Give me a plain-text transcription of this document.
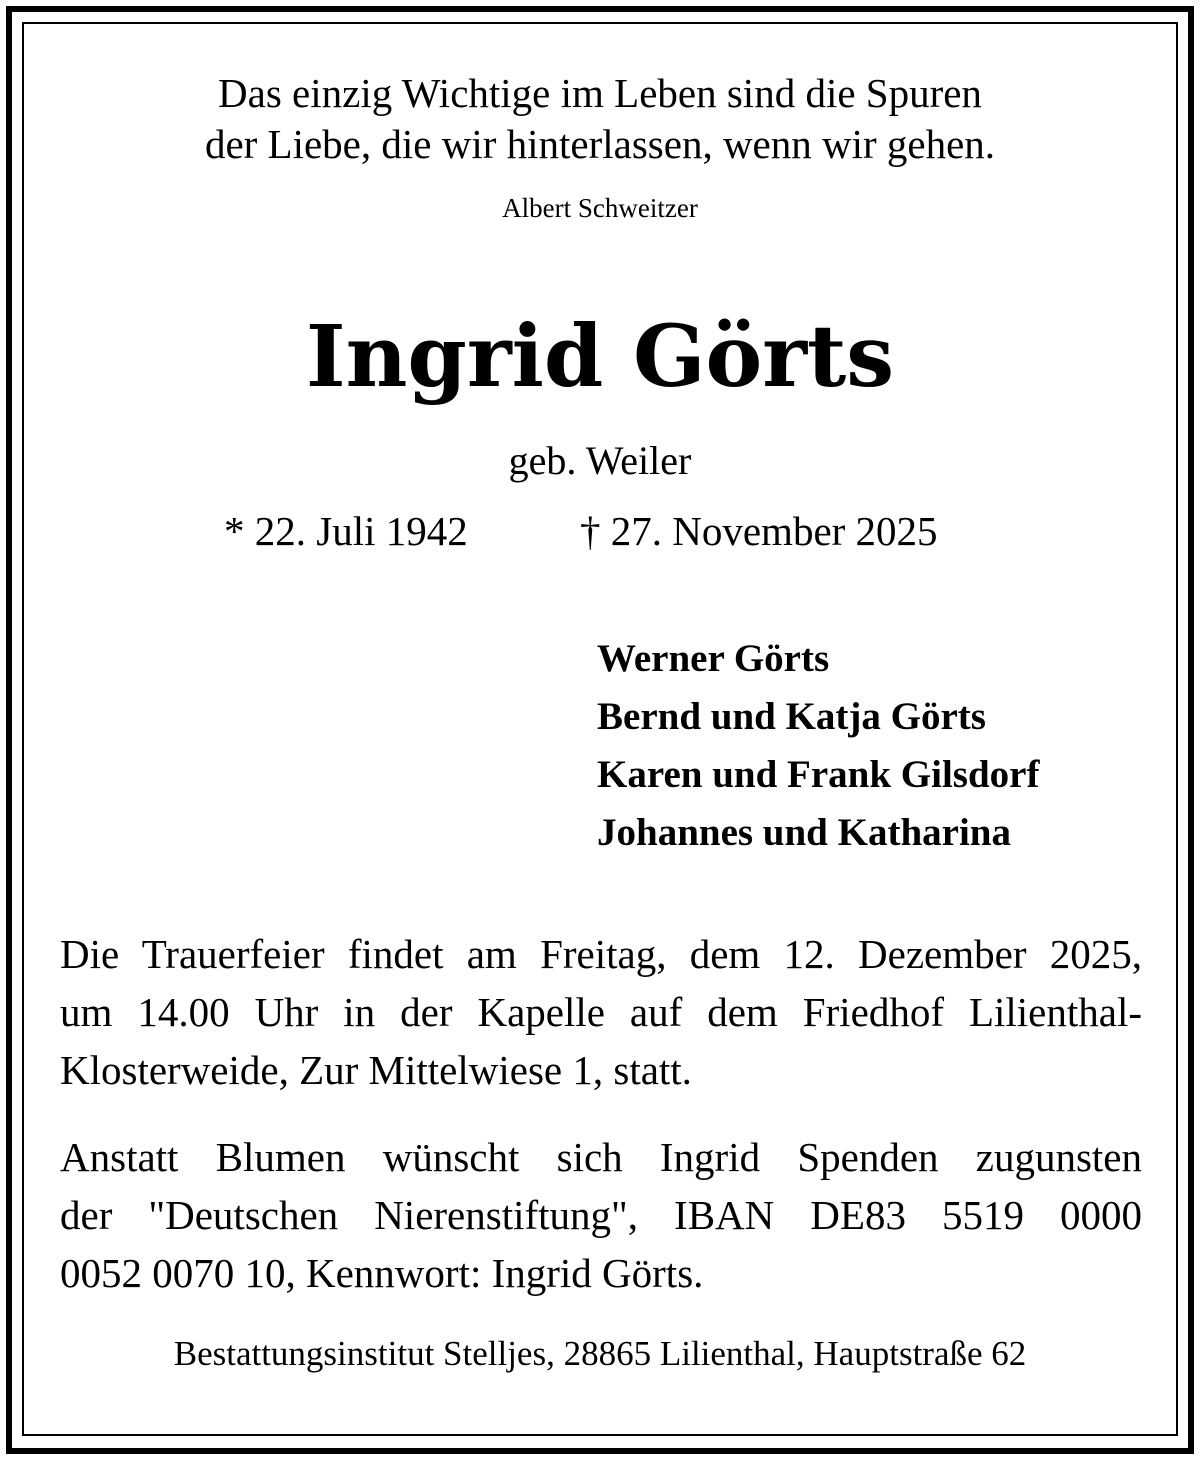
Das einzig Wichtige im Leben sind die Spuren
der Liebe, die wir hinterlassen, wenn wir gehen.
Albert Schweitzer
Ingrid Görts
geb. Weiler
* 22. Juli 1942	† 27. November 2025
Werner Görts
Bernd und Katja Görts
Karen und Frank Gilsdorf
Johannes und Katharina
Die Trauerfeier findet am Freitag, dem 12. Dezember 2025,
um 14.00 Uhr in der Kapelle auf dem Friedhof Lilienthal-
Klosterweide, Zur Mittelwiese 1, statt.
Anstatt Blumen wünscht sich Ingrid Spenden zugunsten
der "Deutschen Nierenstiftung", IBAN DE83 5519 0000
0052 0070 10, Kennwort: Ingrid Görts.
Bestattungsinstitut Stelljes, 28865 Lilienthal, Hauptstraße 62
